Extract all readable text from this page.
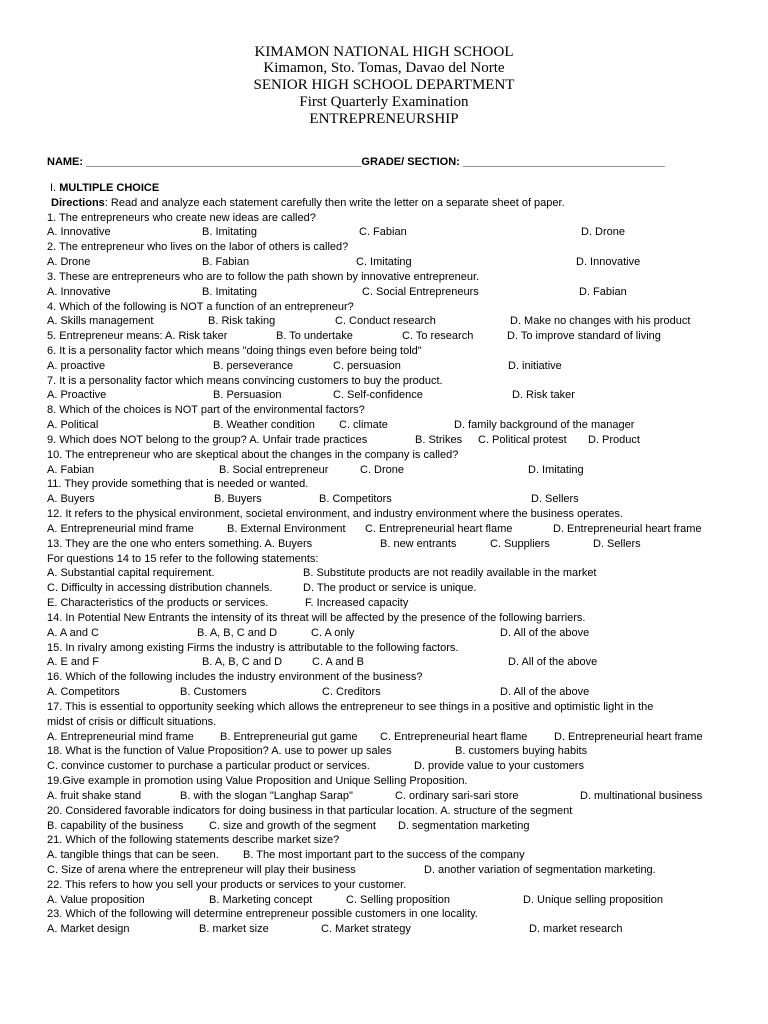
KIMAMON NATIONAL HIGH SCHOOL
Kimamon, Sto. Tomas, Davao del Norte
SENIOR HIGH SCHOOL DEPARTMENT
First Quarterly Examination
ENTREPRENEURSHIP
NAME: _____________________________________________GRADE/ SECTION: _________________________________
I. MULTIPLE CHOICE
Directions: Read and analyze each statement carefully then write the letter on a separate sheet of paper.
1. The entrepreneurs who create new ideas are called?
A. Innovative	B. Imitating	C. Fabian	D. Drone
2. The entrepreneur who lives on the labor of others is called?
A. Drone	B. Fabian	C. Imitating	D. Innovative
3. These are entrepreneurs who are to follow the path shown by innovative entrepreneur.
A. Innovative	B. Imitating	C. Social Entrepreneurs	D. Fabian
4. Which of the following is NOT a function of an entrepreneur?
A. Skills management	B. Risk taking	C. Conduct research	D. Make no changes with his product
5. Entrepreneur means: A. Risk taker	B. To undertake	C. To research	D. To improve standard of living
6. It is a personality factor which means "doing things even before being told"
A. proactive	B. perseverance	C. persuasion	D. initiative
7. It is a personality factor which means convincing customers to buy the product.
A. Proactive	B. Persuasion	C. Self-confidence	D. Risk taker
8. Which of the choices is NOT part of the environmental factors?
A. Political	B. Weather condition C. climate	D. family background of the manager
9. Which does NOT belong to the group? A. Unfair trade practices	B. Strikes C. Political protest D. Product
10. The entrepreneur who are skeptical about the changes in the company is called?
A. Fabian	B. Social entrepreneur	C. Drone	D. Imitating
11. They provide something that is needed or wanted.
A. Buyers	B. Buyers	B. Competitors	D. Sellers
12. It refers to the physical environment, societal environment, and industry environment where the business operates.
A. Entrepreneurial mind frame	B. External Environment C. Entrepreneurial heart flame	D. Entrepreneurial heart frame
13. They are the one who enters something. A. Buyers	B. new entrants	C. Suppliers	D. Sellers
For questions 14 to 15 refer to the following statements:
A. Substantial capital requirement.	B. Substitute products are not readily available in the market
C. Difficulty in accessing distribution channels.	D. The product or service is unique.
E. Characteristics of the products or services.	F. Increased capacity
14. In Potential New Entrants the intensity of its threat will be affected by the presence of the following barriers.
A. A and C	B. A, B, C and D	C. A only	D. All of the above
15. In rivalry among existing Firms the industry is attributable to the following factors.
A. E and F	B. A, B, C and D	C. A and B	D. All of the above
16. Which of the following includes the industry environment of the business?
A. Competitors	B. Customers	C. Creditors	D. All of the above
17. This is essential to opportunity seeking which allows the entrepreneur to see things in a positive and optimistic light in the
midst of crisis or difficult situations.
A. Entrepreneurial mind frame B. Entrepreneurial gut game C. Entrepreneurial heart flame D. Entrepreneurial heart frame
18. What is the function of Value Proposition? A. use to power up sales	B. customers buying habits
C. convince customer to purchase a particular product or services.	D. provide value to your customers
19.Give example in promotion using Value Proposition and Unique Selling Proposition.
A. fruit shake stand	B. with the slogan "Langhap Sarap"	C. ordinary sari-sari store	D. multinational business
20. Considered favorable indicators for doing business in that particular location. A. structure of the segment
B. capability of the business C. size and growth of the segment D. segmentation marketing
21. Which of the following statements describe market size?
A. tangible things that can be seen. B. The most important part to the success of the company
C. Size of arena where the entrepreneur will play their business	D. another variation of segmentation marketing.
22. This refers to how you sell your products or services to your customer.
A. Value proposition	B. Marketing concept	C. Selling proposition	D. Unique selling proposition
23. Which of the following will determine entrepreneur possible customers in one locality.
A. Market design	B. market size	C. Market strategy	D. market research
